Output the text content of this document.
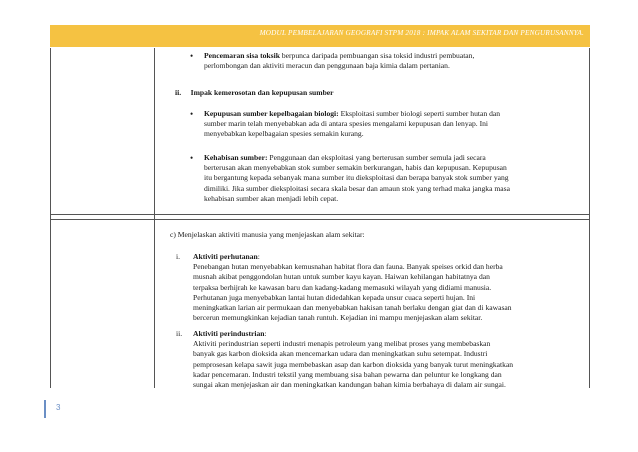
MODUL PEMBELAJARAN GEOGRAFI STPM 2018 : IMPAK ALAM SEKITAR DAN PENGURUSANNYA.
• Pencemaran sisa toksik berpunca daripada pembuangan sisa toksid industri pembuatan,
perlombongan dan aktiviti meracun dan penggunaan baja kimia dalam pertanian.
ii. Impak kemerosotan dan kepupusan sumber
• Kepupusan sumber kepelbagaian biologi: Eksploitasi sumber biologi seperti sumber hutan dan
sumber marin telah menyebabkan ada di antara spesies mengalami kepupusan dan lenyap. Ini
menyebabkan kepelbagaian spesies semakin kurang.
• Kehabisan sumber: Penggunaan dan eksploitasi yang berterusan sumber semula jadi secara
berterusan akan menyebabkan stok sumber semakin berkurangan, habis dan kepupusan. Kepupusan
itu bergantung kepada sebanyak mana sumber itu dieksploitasi dan berapa banyak stok sumber yang
dimiliki. Jika sumber dieksploitasi secara skala besar dan amaun stok yang terhad maka jangka masa
kehabisan sumber akan menjadi lebih cepat.
c) Menjelaskan aktiviti manusia yang menjejaskan alam sekitar:
i.	Aktiviti perhutanan:
Penebangan hutan menyebabkan kemusnahan habitat flora dan fauna. Banyak speises orkid dan herba
musnah akibat penggondolan hutan untuk sumber kayu kayan. Haiwan kehilangan habitatnya dan
terpaksa berhijrah ke kawasan baru dan kadang-kadang memasuki wilayah yang didiami manusia.
Perhutanan juga menyebabkan lantai hutan didedahkan kepada unsur cuaca seperti hujan. Ini
meningkatkan larian air permukaan dan menyebabkan hakisan tanah berlaku dengan giat dan di kawasan
bercerun memungkinkan kejadian tanah runtuh. Kejadian ini mampu menjejaskan alam sekitar.
ii.	Aktiviti perindustrian:
Aktiviti perindustrian seperti industri menapis petroleum yang melibat proses yang membebaskan
banyak gas karbon dioksida akan mencemarkan udara dan meningkatkan suhu setempat. Industri
pemprosesan kelapa sawit juga membebaskan asap dan karbon dioksida yang banyak turut meningkatkan
kadar pencemaran. Industri tekstil yang membuang sisa bahan pewarna dan peluntur ke longkang dan
sungai akan menjejaskan air dan meningkatkan kandungan bahan kimia berbahaya di dalam air sungai.
3
